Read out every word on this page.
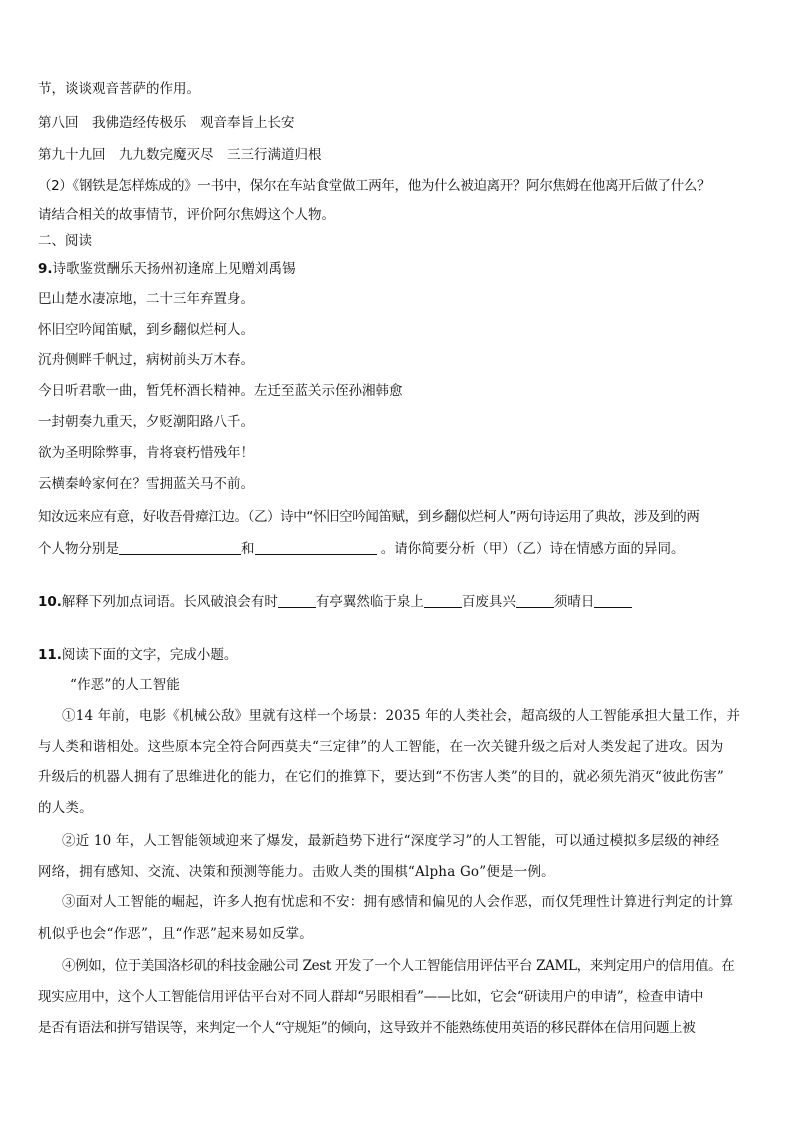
节，谈谈观音菩萨的作用。
第八回　我佛造经传极乐　观音奉旨上长安
第九十九回　九九数完魔灭尽　三三行满道归根
（2）《钢铁是怎样炼成的》一书中，保尔在车站食堂做工两年，他为什么被迫离开？阿尔焦姆在他离开后做了什么？
请结合相关的故事情节，评价阿尔焦姆这个人物。
二、阅读
9.诗歌鉴赏酬乐天扬州初逢席上见赠刘禹锡
巴山楚水凄凉地，二十三年弃置身。
怀旧空吟闻笛赋，到乡翻似烂柯人。
沉舟侧畔千帆过，病树前头万木春。
今日听君歌一曲，暂凭杯酒长精神。左迁至蓝关示侄孙湘韩愈
一封朝奏九重天，夕贬潮阳路八千。
欲为圣明除弊事，肯将衰朽惜残年！
云横秦岭家何在？雪拥蓝关马不前。
知汝远来应有意，好收吾骨瘴江边。（乙）诗中“怀旧空吟闻笛赋，到乡翻似烂柯人”两句诗运用了典故，涉及到的两
个人物分别是	和	。请你简要分析（甲）（乙）诗在情感方面的异同。
10.解释下列加点词语。长风破浪会有时	有亭翼然临于泉上	百废具兴	须晴日
11.阅读下面的文字，完成小题。
“作恶”的人工智能
①14 年前，电影《机械公敌》里就有这样一个场景：2035 年的人类社会，超高级的人工智能承担大量工作，并
与人类和谐相处。这些原本完全符合阿西莫夫“三定律”的人工智能，在一次关键升级之后对人类发起了进攻。因为
升级后的机器人拥有了思维进化的能力，在它们的推算下，要达到“不伤害人类”的目的，就必须先消灭“彼此伤害”
的人类。
②近 10 年，人工智能领域迎来了爆发，最新趋势下进行“深度学习”的人工智能，可以通过模拟多层级的神经
网络，拥有感知、交流、决策和预测等能力。击败人类的围棋“Alpha Go”便是一例。
③面对人工智能的崛起，许多人抱有忧虑和不安：拥有感情和偏见的人会作恶，而仅凭理性计算进行判定的计算
机似乎也会“作恶”，且“作恶”起来易如反掌。
④例如，位于美国洛杉矶的科技金融公司 Zest 开发了一个人工智能信用评估平台 ZAML，来判定用户的信用值。在
现实应用中，这个人工智能信用评估平台对不同人群却“另眼相看”——比如，它会“研读用户的申请”，检查申请中
是否有语法和拼写错误等，来判定一个人“守规矩”的倾向，这导致并不能熟练使用英语的移民群体在信用问题上被
